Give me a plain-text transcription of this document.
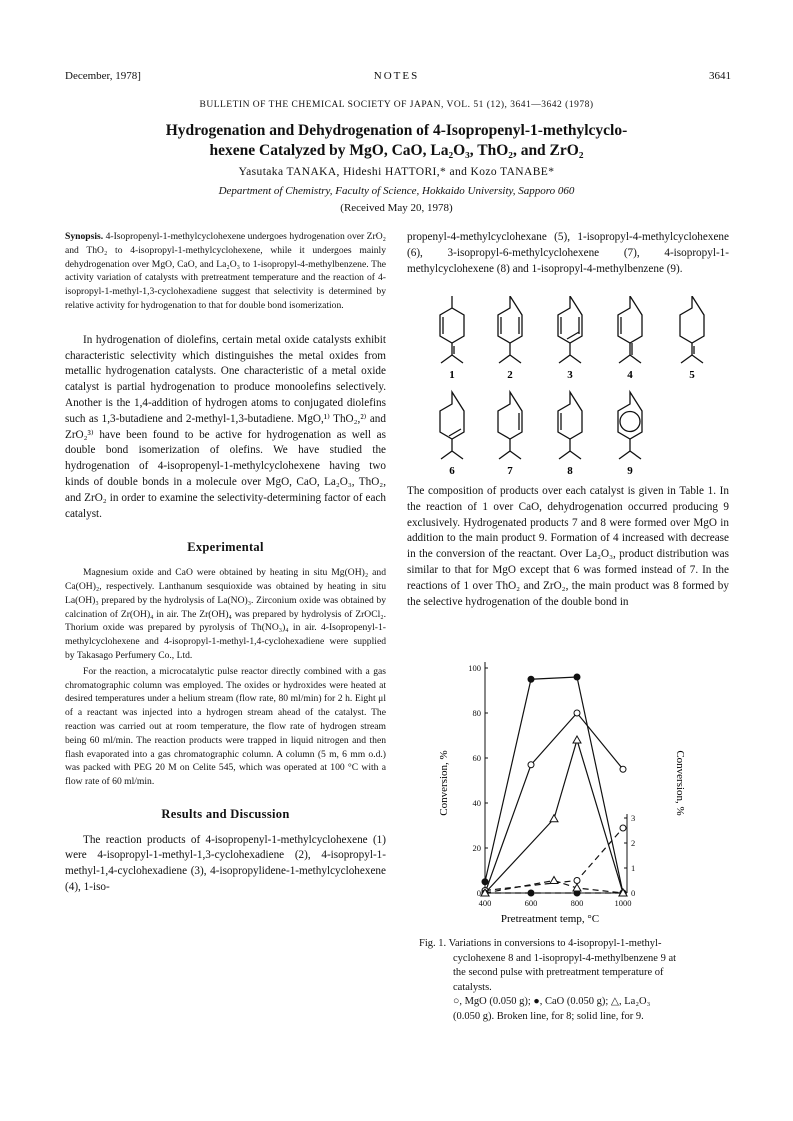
December, 1978]	NOTES	3641
BULLETIN OF THE CHEMICAL SOCIETY OF JAPAN, VOL. 51 (12), 3641—3642 (1978)
Hydrogenation and Dehydrogenation of 4-Isopropenyl-1-methylcyclo-
hexene Catalyzed by MgO, CaO, La₂O₃, ThO₂, and ZrO₂
Yasutaka TANAKA, Hideshi HATTORI,* and Kozo TANABE*
Department of Chemistry, Faculty of Science, Hokkaido University, Sapporo 060
(Received May 20, 1978)

Synopsis. 4-Isopropenyl-1-methylcyclohexene undergoes hydrogenation over ZrO₂ and ThO₂ to 4-isopropyl-1-methylcyclohexene, while it undergoes mainly dehydrogenation over MgO, CaO, and La₂O₃ to 1-isopropyl-4-methylbenzene. The activity variation of catalysts with pretreatment temperature and the reaction of 4-isopropyl-1-methyl-1,3-cyclohexadiene suggest that selectivity is determined by relative activity for hydrogenation to that for double bond isomerization.

In hydrogenation of diolefins, certain metal oxide catalysts exhibit characteristic selectivity which distinguishes the metal oxides from metallic hydrogenation catalysts. One characteristic of a metal oxide catalyst is partial hydrogenation to produce monoolefins selectively. Another is the 1,4-addition of hydrogen atoms to conjugated diolefins such as 1,3-butadiene and 2-methyl-1,3-butadiene. MgO,¹⁾ ThO₂,²⁾ and ZrO₂³⁾ have been found to be active for hydrogenation as well as double bond isomerization of olefins. We have studied the hydrogenation of 4-isopropenyl-1-methylcyclohexene having two kinds of double bonds in a molecule over MgO, CaO, La₂O₃, ThO₂, and ZrO₂ in order to examine the selectivity-determining factor of each catalyst.

Experimental

Magnesium oxide and CaO were obtained by heating in situ Mg(OH)₂ and Ca(OH)₂, respectively. Lanthanum sesquioxide was obtained by heating in situ La(OH)₃ prepared by the hydrolysis of La(NO)₃. Zirconium oxide was obtained by calcination of Zr(OH)₄ in air. The Zr(OH)₄ was prepared by hydrolysis of ZrOCl₂. Thorium oxide was prepared by pyrolysis of Th(NO₃)₄ in air. 4-Isopropenyl-1-methylcyclohexene and 4-isopropyl-1-methyl-1,4-cyclohexadiene were supplied by Takasago Perfumery Co., Ltd.

For the reaction, a microcatalytic pulse reactor directly combined with a gas chromatographic column was employed. The oxides or hydroxides were heated at desired temperatures under a helium stream (flow rate, 80 ml/min) for 2 h. Eight μl of a reactant was injected into a hydrogen stream ahead of the catalyst. The reaction was carried out at room temperature, the flow rate of hydrogen stream being 60 ml/min. The reaction products were trapped in liquid nitrogen and then flash evaporated into a gas chromatographic column. A column (5 m, 6 mm o.d.) was packed with PEG 20 M on Celite 545, which was operated at 100 °C with a flow rate of 60 ml/min.

Results and Discussion

The reaction products of 4-isopropenyl-1-methylcyclohexene (1) were 4-isopropyl-1-methyl-1,3-cyclohexadiene (2), 4-isopropyl-1-methyl-1,4-cyclohexadiene (3), 4-isopropylidene-1-methylcyclohexene (4), 1-iso-

propenyl-4-methylcyclohexane (5), 1-isopropyl-4-methylcyclohexene (6), 3-isopropyl-6-methylcyclohexene (7), 4-isopropyl-1-methylcyclohexene (8) and 1-isopropyl-4-methylbenzene (9).

1	2	3	4	5
6	7	8	9
The composition of products over each catalyst is given in Table 1. In the reaction of 1 over CaO, dehydrogenation occurred producing 9 exclusively. Hydrogenated products 7 and 8 were formed over MgO in addition to the main product 9. Formation of 4 increased with decrease in the conversion of the reactant. Over La₂O₃, product distribution was similar to that for MgO except that 6 was formed instead of 7. In the reactions of 1 over ThO₂ and ZrO₂, the main product was 8 formed by the selective hydrogenation of the double bond in
400	600	800	1000
0
20
40
60
80
100
0
1
2
3
Pretreatment temp, °C
Conversion, %	Conversion, %
Fig. 1. Variations in conversions to 4-isopropyl-1-methyl-
cyclohexene 8 and 1-isopropyl-4-methylbenzene 9 at
the second pulse with pretreatment temperature of
catalysts.
○, MgO (0.050 g); ●, CaO (0.050 g); △, La₂O₃
(0.050 g). Broken line, for 8; solid line, for 9.
